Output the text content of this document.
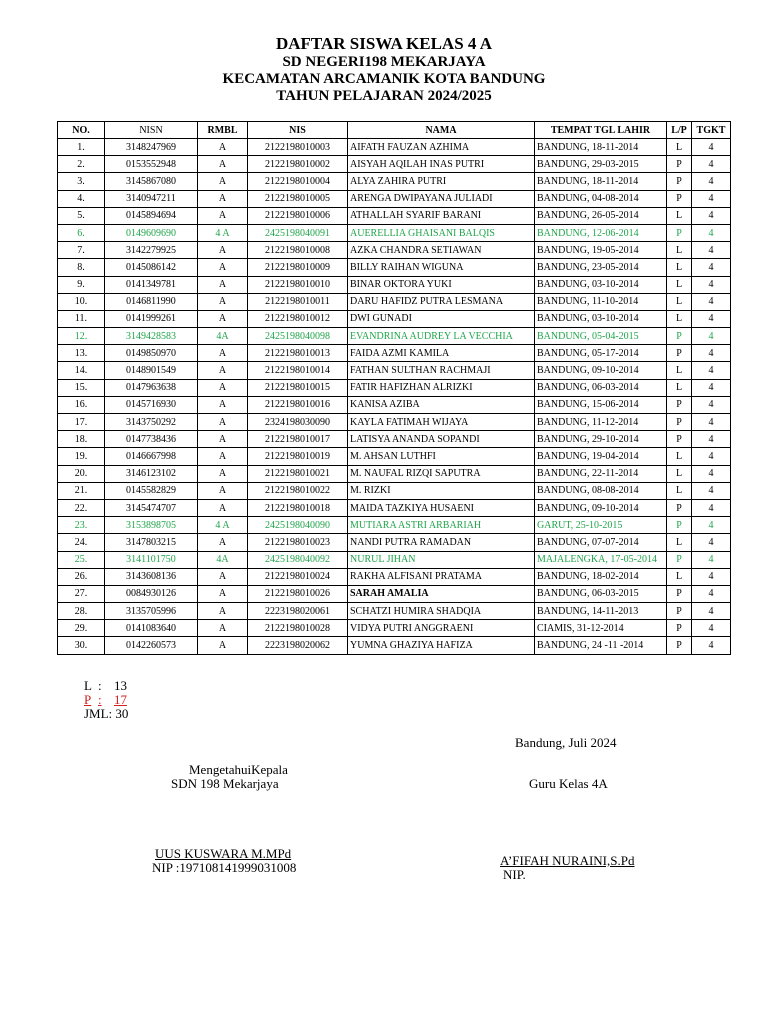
DAFTAR SISWA KELAS 4 A
SD NEGERI198 MEKARJAYA
KECAMATAN ARCAMANIK KOTA BANDUNG
TAHUN PELAJARAN 2024/2025
NO.	NISN	RMBL	NIS	NAMA	TEMPAT TGL LAHIR	L/P	TGKT
1.	3148247969	A	2122198010003	AIFATH FAUZAN AZHIMA	BANDUNG, 18-11-2014	L	4
2.	0153552948	A	2122198010002	AISYAH AQILAH INAS PUTRI	BANDUNG, 29-03-2015	P	4
3.	3145867080	A	2122198010004	ALYA ZAHIRA PUTRI	BANDUNG, 18-11-2014	P	4
4.	3140947211	A	2122198010005	ARENGA DWIPAYANA JULIADI	BANDUNG, 04-08-2014	P	4
5.	0145894694	A	2122198010006	ATHALLAH SYARIF BARANI	BANDUNG, 26-05-2014	L	4
6.	0149609690	4 A	2425198040091	AUERELLIA GHAISANI BALQIS	BANDUNG, 12-06-2014	P	4
7.	3142279925	A	2122198010008	AZKA CHANDRA SETIAWAN	BANDUNG, 19-05-2014	L	4
8.	0145086142	A	2122198010009	BILLY RAIHAN WIGUNA	BANDUNG, 23-05-2014	L	4
9.	0141349781	A	2122198010010	BINAR OKTORA YUKI	BANDUNG, 03-10-2014	L	4
10.	0146811990	A	2122198010011	DARU HAFIDZ PUTRA LESMANA	BANDUNG, 11-10-2014	L	4
11.	0141999261	A	2122198010012	DWI GUNADI	BANDUNG, 03-10-2014	L	4
12.	3149428583	4A	2425198040098	EVANDRINA AUDREY LA VECCHIA	BANDUNG, 05-04-2015	P	4
13.	0149850970	A	2122198010013	FAIDA AZMI KAMILA	BANDUNG, 05-17-2014	P	4
14.	0148901549	A	2122198010014	FATHAN SULTHAN RACHMAJI	BANDUNG, 09-10-2014	L	4
15.	0147963638	A	2122198010015	FATIR HAFIZHAN ALRIZKI	BANDUNG, 06-03-2014	L	4
16.	0145716930	A	2122198010016	KANISA AZIBA	BANDUNG, 15-06-2014	P	4
17.	3143750292	A	2324198030090	KAYLA FATIMAH WIJAYA	BANDUNG, 11-12-2014	P	4
18.	0147738436	A	2122198010017	LATISYA ANANDA SOPANDI	BANDUNG, 29-10-2014	P	4
19.	0146667998	A	2122198010019	M. AHSAN LUTHFI	BANDUNG, 19-04-2014	L	4
20.	3146123102	A	2122198010021	M. NAUFAL RIZQI SAPUTRA	BANDUNG, 22-11-2014	L	4
21.	0145582829	A	2122198010022	M. RIZKI	BANDUNG, 08-08-2014	L	4
22.	3145474707	A	2122198010018	MAIDA TAZKIYA HUSAENI	BANDUNG, 09-10-2014	P	4
23.	3153898705	4 A	2425198040090	MUTIARA ASTRI ARBARIAH	GARUT, 25-10-2015	P	4
24.	3147803215	A	2122198010023	NANDI PUTRA RAMADAN	BANDUNG, 07-07-2014	L	4
25.	3141101750	4A	2425198040092	NURUL JIHAN	MAJALENGKA, 17-05-2014	P	4
26.	3143608136	A	2122198010024	RAKHA ALFISANI PRATAMA	BANDUNG, 18-02-2014	L	4
27.	0084930126	A	2122198010026	SARAH AMALIA	BANDUNG, 06-03-2015	P	4
28.	3135705996	A	2223198020061	SCHATZI HUMIRA SHADQIA	BANDUNG, 14-11-2013	P	4
29.	0141083640	A	2122198010028	VIDYA PUTRI ANGGRAENI	CIAMIS, 31-12-2014	P	4
30.	0142260573	A	2223198020062	YUMNA GHAZIYA HAFIZA	BANDUNG, 24 -11 -2014	P	4
L : 13
P : 17
JML: 30
Bandung, Juli 2024
MengetahuiKepala
SDN 198 Mekarjaya
UUS KUSWARA M.MPd
NIP :197108141999031008
Guru Kelas 4A
A’FIFAH NURAINI,S.Pd
NIP.
